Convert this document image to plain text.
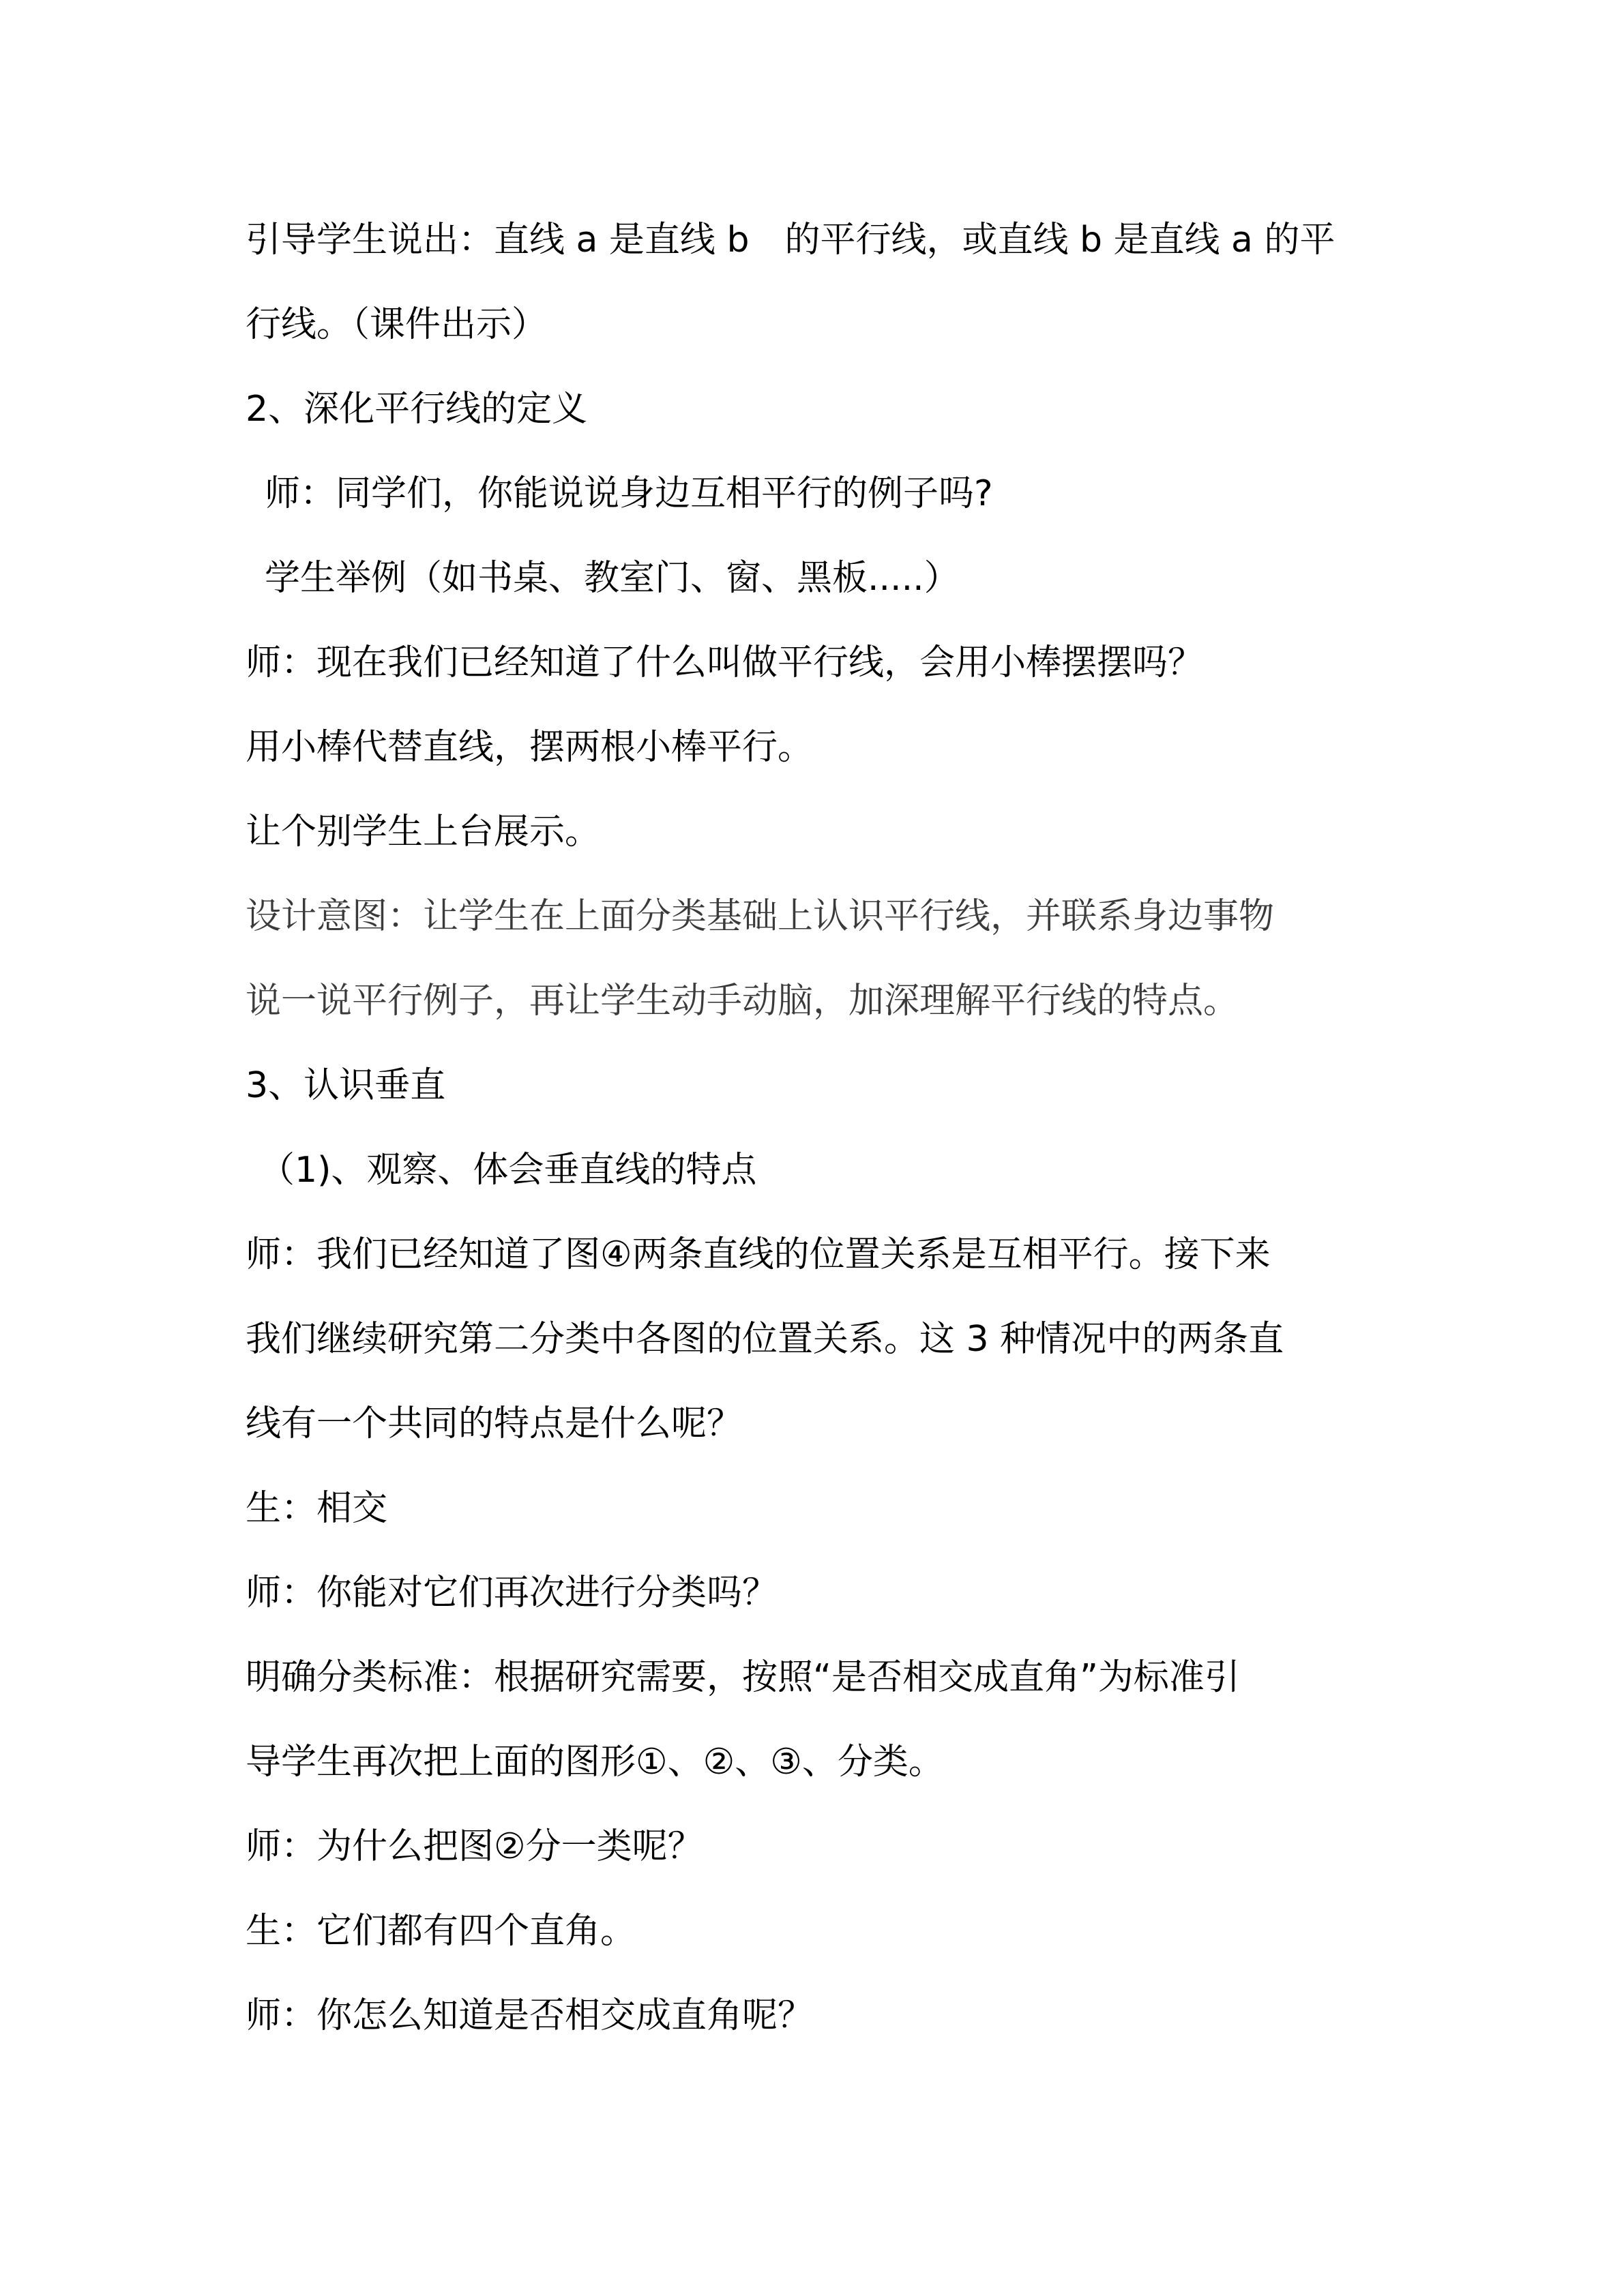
引导学生说出：直线 a 是直线 b　的平行线，或直线 b 是直线 a 的平
行线。（课件出示）
2、深化平行线的定义
师：同学们，你能说说身边互相平行的例子吗?
学生举例（如书桌、教室门、窗、黑板.....）
师：现在我们已经知道了什么叫做平行线，会用小棒摆摆吗？
用小棒代替直线，摆两根小棒平行。
让个别学生上台展示。
设计意图：让学生在上面分类基础上认识平行线，并联系身边事物
说一说平行例子，再让学生动手动脑，加深理解平行线的特点。
3、认识垂直
（1)、观察、体会垂直线的特点
师：我们已经知道了图④两条直线的位置关系是互相平行。接下来
我们继续研究第二分类中各图的位置关系。这 3 种情况中的两条直
线有一个共同的特点是什么呢？
生：相交
师：你能对它们再次进行分类吗？
明确分类标准：根据研究需要，按照“是否相交成直角”为标准引
导学生再次把上面的图形①、②、③、分类。
师：为什么把图②分一类呢？
生：它们都有四个直角。
师：你怎么知道是否相交成直角呢？
